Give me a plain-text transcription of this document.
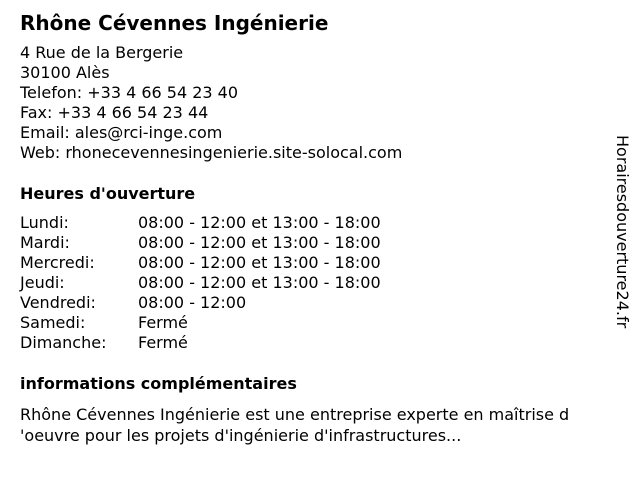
Rhône Cévennes Ingénierie
4 Rue de la Bergerie
30100 Alès
Telefon: +33 4 66 54 23 40
Fax: +33 4 66 54 23 44
Email: ales@rci-inge.com
Web: rhonecevennesingenierie.site-solocal.com
Heures d'ouverture
Lundi:	08:00 - 12:00 et 13:00 - 18:00
Mardi:	08:00 - 12:00 et 13:00 - 18:00
Mercredi:	08:00 - 12:00 et 13:00 - 18:00
Jeudi:	08:00 - 12:00 et 13:00 - 18:00
Vendredi:	08:00 - 12:00
Samedi:	Fermé
Dimanche:	Fermé
informations complémentaires
Rhône Cévennes Ingénierie est une entreprise experte en maîtrise d
'oeuvre pour les projets d'ingénierie d'infrastructures...
Horairesdouverture24.fr
